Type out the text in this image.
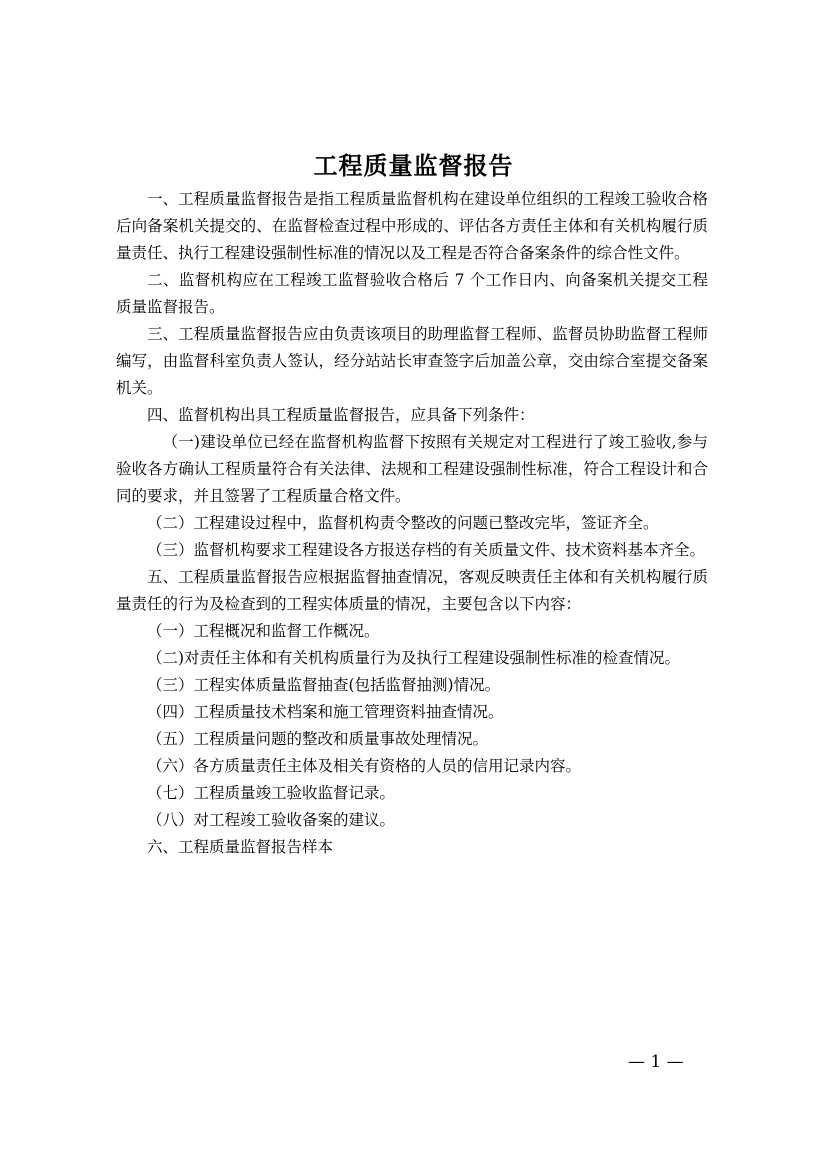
工程质量监督报告

一、工程质量监督报告是指工程质量监督机构在建设单位组织的工程竣工验收合格后向备案机关提交的、在监督检查过程中形成的、评估各方责任主体和有关机构履行质量责任、执行工程建设强制性标准的情况以及工程是否符合备案条件的综合性文件。

二、监督机构应在工程竣工监督验收合格后 7 个工作日内、向备案机关提交工程质量监督报告。

三、工程质量监督报告应由负责该项目的助理监督工程师、监督员协助监督工程师编写，由监督科室负责人签认，经分站站长审查签字后加盖公章，交由综合室提交备案机关。

四、监督机构出具工程质量监督报告，应具备下列条件：

（一)建设单位已经在监督机构监督下按照有关规定对工程进行了竣工验收,参与验收各方确认工程质量符合有关法律、法规和工程建设强制性标准，符合工程设计和合同的要求，并且签署了工程质量合格文件。

（二）工程建设过程中，监督机构责令整改的问题已整改完毕，签证齐全。

（三）监督机构要求工程建设各方报送存档的有关质量文件、技术资料基本齐全。

五、工程质量监督报告应根据监督抽查情况，客观反映责任主体和有关机构履行质量责任的行为及检查到的工程实体质量的情况，主要包含以下内容：

（一）工程概况和监督工作概况。

（二)对责任主体和有关机构质量行为及执行工程建设强制性标准的检查情况。

（三）工程实体质量监督抽查(包括监督抽测)情况。

（四）工程质量技术档案和施工管理资料抽查情况。

（五）工程质量问题的整改和质量事故处理情况。

（六）各方质量责任主体及相关有资格的人员的信用记录内容。

（七）工程质量竣工验收监督记录。

（八）对工程竣工验收备案的建议。

六、工程质量监督报告样本

— 1 —
